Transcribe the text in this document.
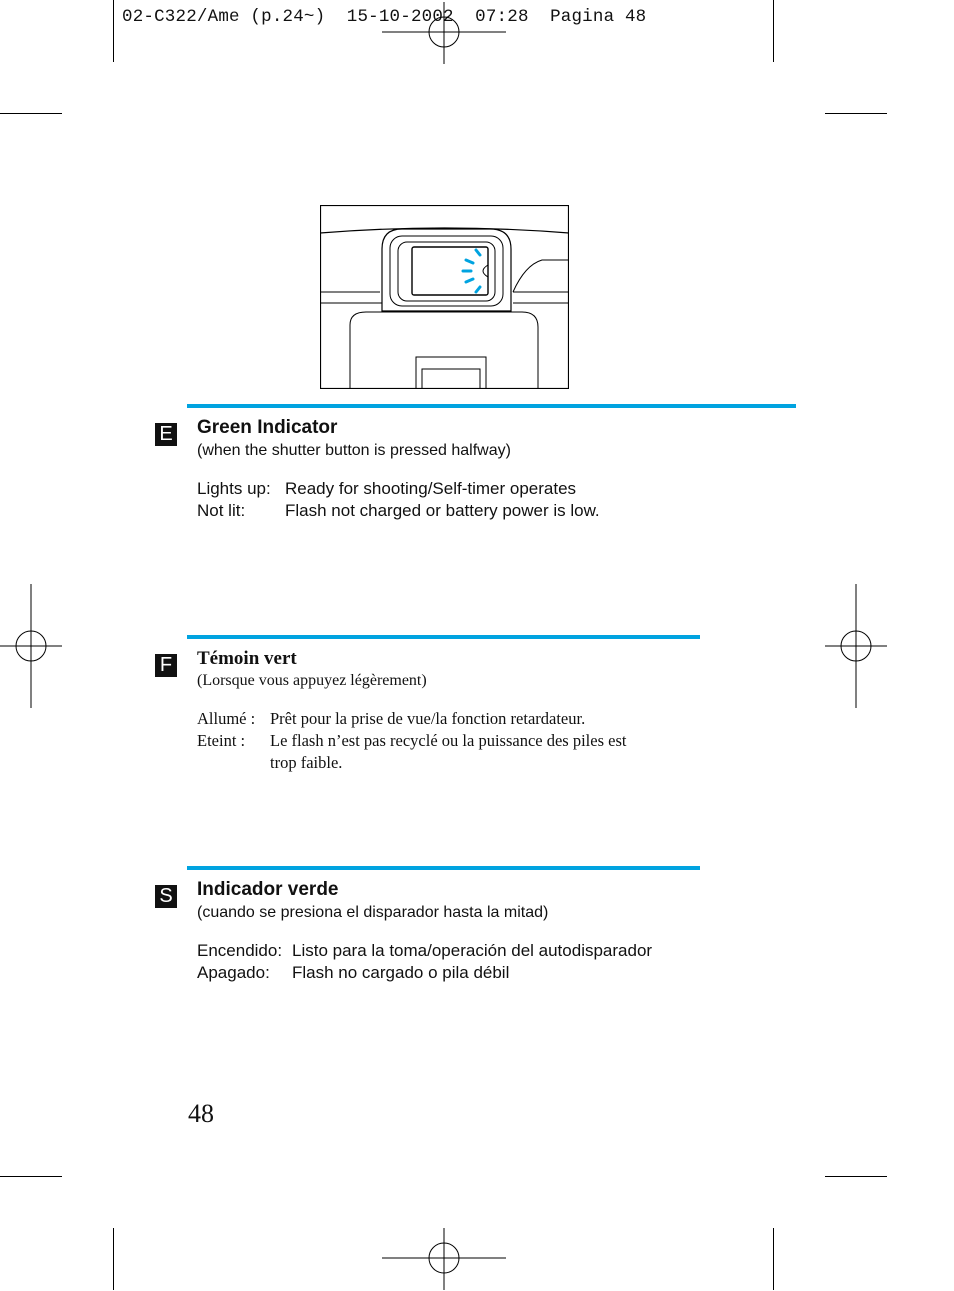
02-C322/Ame (p.24~)  15-10-2002  07:28  Pagina 48
E Green Indicator
(when the shutter button is pressed halfway)
Lights up: Ready for shooting/Self-timer operates
Not lit:	Flash not charged or battery power is low.
F Témoin vert
(Lorsque vous appuyez légèrement)
Allumé : Prêt pour la prise de vue/la fonction retardateur.
Eteint :	Le flash n’est pas recyclé ou la puissance des piles est
trop faible.
S Indicador verde
(cuando se presiona el disparador hasta la mitad)
Encendido: Listo para la toma/operación del autodisparador
Apagado:	Flash no cargado o pila débil
48
